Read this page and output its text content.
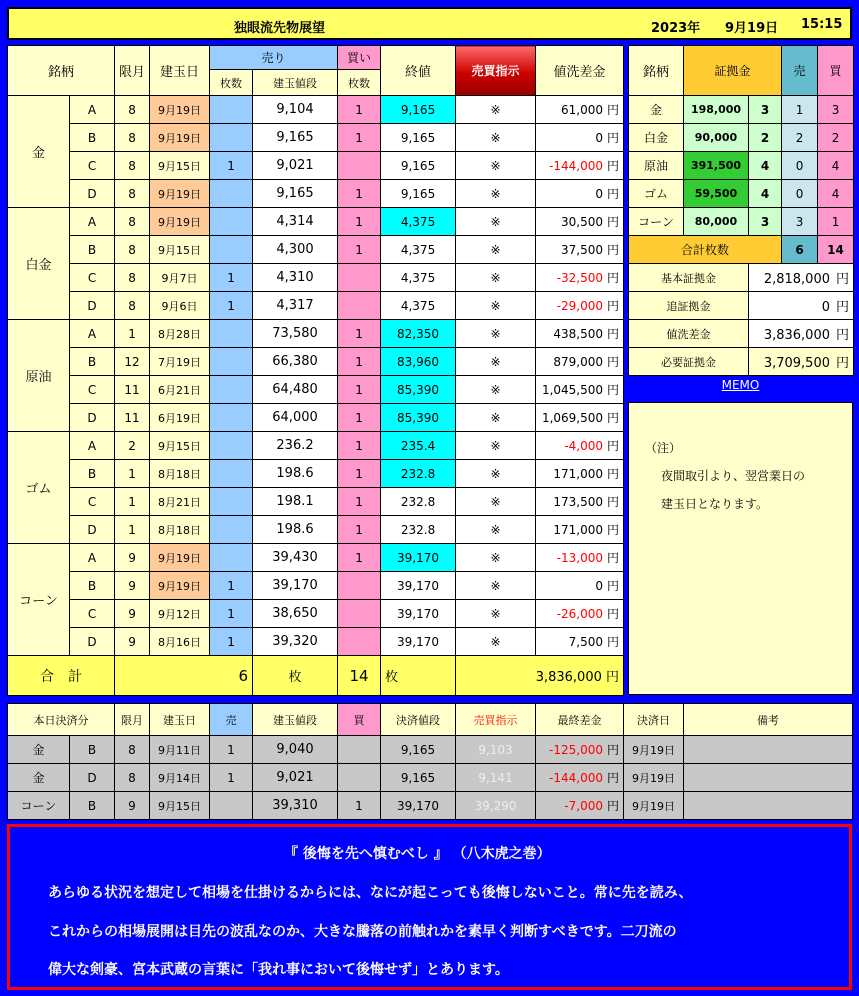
独眼流先物展望	2023年 9月19日 15:15
銘柄		限月	建玉日	売り		買い	終値	売買指示	値洗差金
				枚数	建玉値段	枚数			
金	A	8	9月19日		9,104	1	9,165	※	61,000 円
	B	8	9月19日		9,165	1	9,165	※	0 円
	C	8	9月15日	1	9,021		9,165	※	-144,000 円
	D	8	9月19日		9,165	1	9,165	※	0 円
白金	A	8	9月19日		4,314	1	4,375	※	30,500 円
	B	8	9月15日		4,300	1	4,375	※	37,500 円
	C	8	9月7日	1	4,310		4,375	※	-32,500 円
	D	8	9月6日	1	4,317		4,375	※	-29,000 円
原油	A	1	8月28日		73,580	1	82,350	※	438,500 円
	B	12	7月19日		66,380	1	83,960	※	879,000 円
	C	11	6月21日		64,480	1	85,390	※	1,045,500 円
	D	11	6月19日		64,000	1	85,390	※	1,069,500 円
ゴム	A	2	9月15日		236.2	1	235.4	※	-4,000 円
	B	1	8月18日		198.6	1	232.8	※	171,000 円
	C	1	8月21日		198.1	1	232.8	※	173,500 円
	D	1	8月18日		198.6	1	232.8	※	171,000 円
コーン	A	9	9月19日		39,430	1	39,170	※	-13,000 円
	B	9	9月19日	1	39,170		39,170	※	0 円
	C	9	9月12日	1	38,650		39,170	※	-26,000 円
	D	9	8月16日	1	39,320		39,170	※	7,500 円
合　計		6			枚	14	枚	3,836,000 円	
銘柄	証拠金		売	買
金	198,000	3	1	3
白金	90,000	2	2	2
原油	391,500	4	0	4
ゴム	59,500	4	0	4
コーン	80,000	3	3	1
合計枚数			6	14
基本証拠金		2,818,000 円		
追証拠金		0 円		
値洗差金		3,836,000 円		
必要証拠金		3,709,500 円		
MEMO
（注）
夜間取引より、翌営業日の
建玉日となります。
本日決済分		限月	建玉日	売	建玉値段	買	決済値段	売買指示	最終差金	決済日	備考
金	B	8	9月11日	1	9,040		9,165	9,103	-125,000 円	9月19日	
金	D	8	9月14日	1	9,021		9,165	9,141	-144,000 円	9月19日	
コーン	B	9	9月15日		39,310	1	39,170	39,290	-7,000 円	9月19日	
『 後悔を先へ慎むべし 』 （八木虎之巻）
あらゆる状況を想定して相場を仕掛けるからには、なにが起こっても後悔しないこと。常に先を読み、
これからの相場展開は目先の波乱なのか、大きな騰落の前触れかを素早く判断すべきです。二刀流の
偉大な剣豪、宮本武蔵の言葉に「我れ事において後悔せず」とあります。
